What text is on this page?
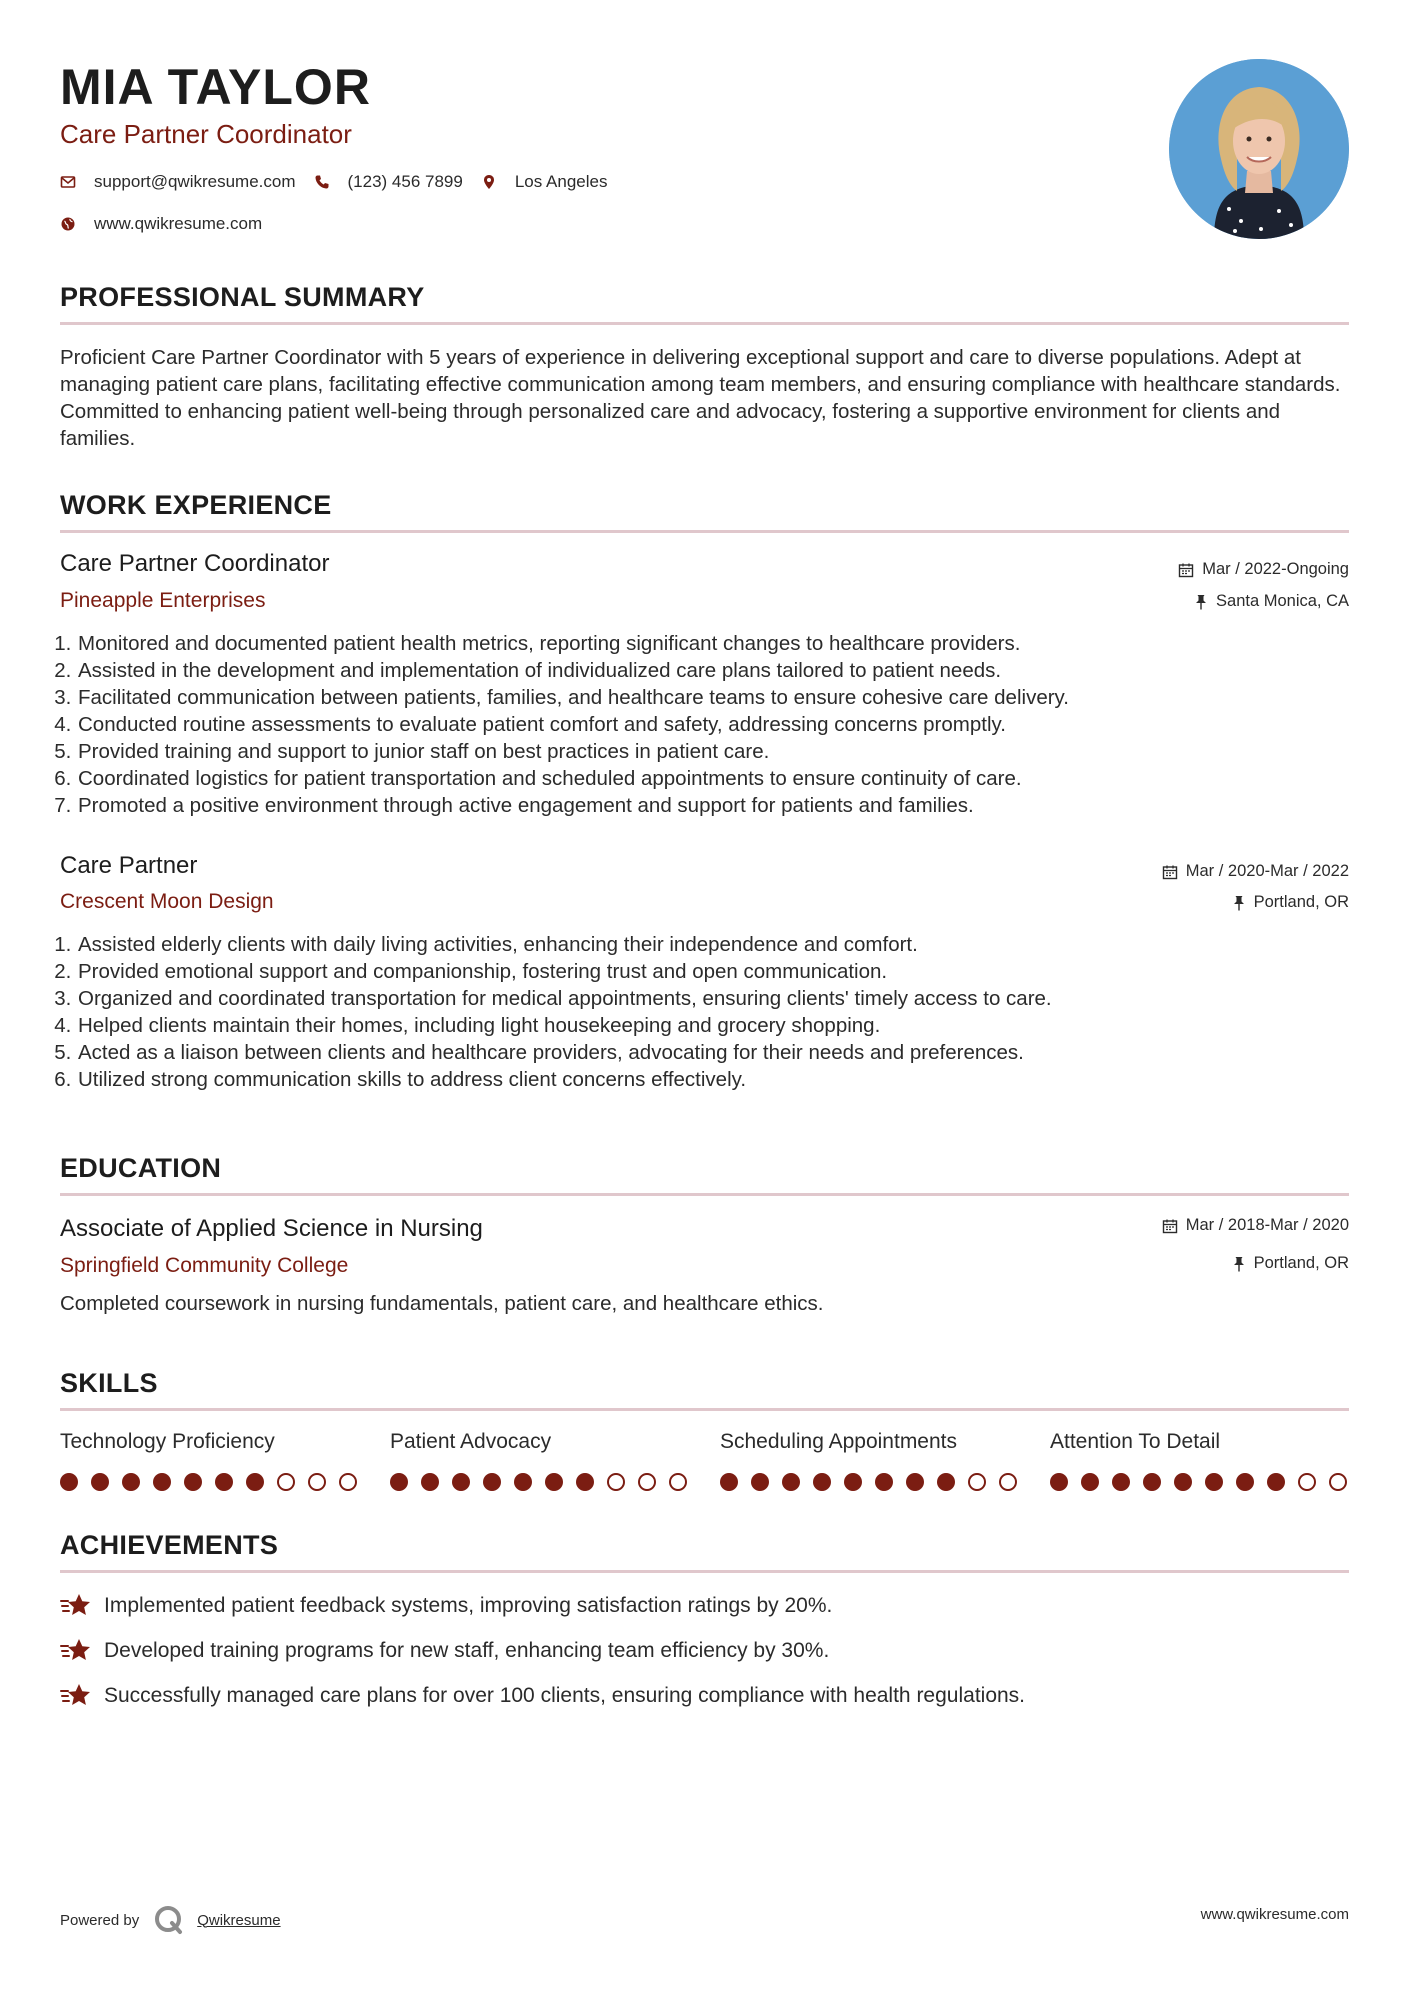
MIA TAYLOR
Care Partner Coordinator
support@qwikresume.com	(123) 456 7899	Los Angeles
www.qwikresume.com
PROFESSIONAL SUMMARY

Proficient Care Partner Coordinator with 5 years of experience in delivering exceptional support and care to diverse populations. Adept at managing patient care plans, facilitating effective communication among team members, and ensuring compliance with healthcare standards. Committed to enhancing patient well-being through personalized care and advocacy, fostering a supportive environment for clients and families.

WORK EXPERIENCE
Care Partner Coordinator	Mar / 2022-Ongoing
Pineapple Enterprises	Santa Monica, CA
1. Monitored and documented patient health metrics, reporting significant changes to healthcare providers.
2. Assisted in the development and implementation of individualized care plans tailored to patient needs.
3. Facilitated communication between patients, families, and healthcare teams to ensure cohesive care delivery.
4. Conducted routine assessments to evaluate patient comfort and safety, addressing concerns promptly.
5. Provided training and support to junior staff on best practices in patient care.
6. Coordinated logistics for patient transportation and scheduled appointments to ensure continuity of care.
7. Promoted a positive environment through active engagement and support for patients and families.
Care Partner	Mar / 2020-Mar / 2022
Crescent Moon Design	Portland, OR
1. Assisted elderly clients with daily living activities, enhancing their independence and comfort.
2. Provided emotional support and companionship, fostering trust and open communication.
3. Organized and coordinated transportation for medical appointments, ensuring clients' timely access to care.
4. Helped clients maintain their homes, including light housekeeping and grocery shopping.
5. Acted as a liaison between clients and healthcare providers, advocating for their needs and preferences.
6. Utilized strong communication skills to address client concerns effectively.
EDUCATION
Associate of Applied Science in Nursing	Mar / 2018-Mar / 2020
Springfield Community College	Portland, OR

Completed coursework in nursing fundamentals, patient care, and healthcare ethics.

SKILLS
Technology Proficiency	Patient Advocacy	Scheduling Appointments	Attention To Detail
ACHIEVEMENTS
Implemented patient feedback systems, improving satisfaction ratings by 20%.
Developed training programs for new staff, enhancing team efficiency by 30%.
Successfully managed care plans for over 100 clients, ensuring compliance with health regulations.
Powered by	Qwikresume	www.qwikresume.com
